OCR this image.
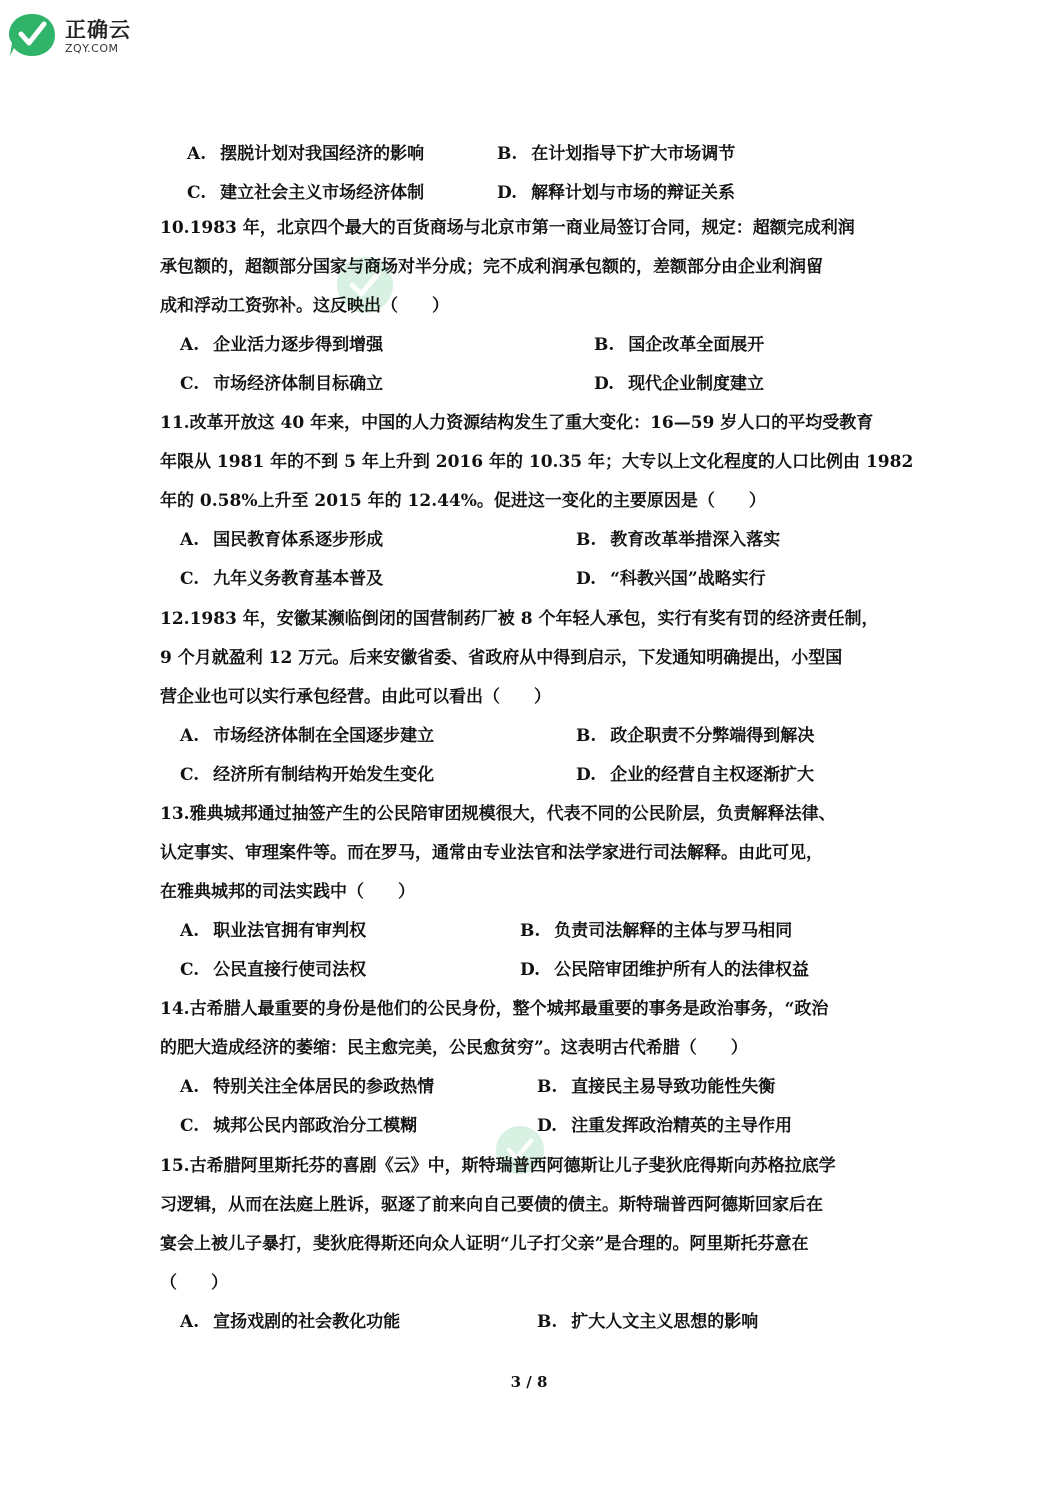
正确云
ZQY.COM
A. 摆脱计划对我国经济的影响	B. 在计划指导下扩大市场调节
C. 建立社会主义市场经济体制	D. 解释计划与市场的辩证关系
10.1983 年，北京四个最大的百货商场与北京市第一商业局签订合同，规定：超额完成利润
承包额的，超额部分国家与商场对半分成；完不成利润承包额的，差额部分由企业利润留
成和浮动工资弥补。这反映出（　　）
A. 企业活力逐步得到增强	B. 国企改革全面展开
C. 市场经济体制目标确立	D. 现代企业制度建立
11.改革开放这 40 年来，中国的人力资源结构发生了重大变化：16—59 岁人口的平均受教育
年限从 1981 年的不到 5 年上升到 2016 年的 10.35 年；大专以上文化程度的人口比例由 1982
年的 0.58%上升至 2015 年的 12.44%。促进这一变化的主要原因是（　　）
A. 国民教育体系逐步形成	B. 教育改革举措深入落实
C. 九年义务教育基本普及	D. “科教兴国”战略实行
12.1983 年，安徽某濒临倒闭的国营制药厂被 8 个年轻人承包，实行有奖有罚的经济责任制，
9 个月就盈利 12 万元。后来安徽省委、省政府从中得到启示，下发通知明确提出，小型国
营企业也可以实行承包经营。由此可以看出（　　）
A. 市场经济体制在全国逐步建立	B. 政企职责不分弊端得到解决
C. 经济所有制结构开始发生变化	D. 企业的经营自主权逐渐扩大
13.雅典城邦通过抽签产生的公民陪审团规模很大，代表不同的公民阶层，负责解释法律、
认定事实、审理案件等。而在罗马，通常由专业法官和法学家进行司法解释。由此可见，
在雅典城邦的司法实践中（　　）
A. 职业法官拥有审判权	B. 负责司法解释的主体与罗马相同
C. 公民直接行使司法权	D. 公民陪审团维护所有人的法律权益
14.古希腊人最重要的身份是他们的公民身份，整个城邦最重要的事务是政治事务，“政治
的肥大造成经济的萎缩：民主愈完美，公民愈贫穷”。这表明古代希腊（　　）
A. 特别关注全体居民的参政热情	B. 直接民主易导致功能性失衡
C. 城邦公民内部政治分工模糊	D. 注重发挥政治精英的主导作用
15.古希腊阿里斯托芬的喜剧《云》中，斯特瑞普西阿德斯让儿子斐狄庇得斯向苏格拉底学
习逻辑，从而在法庭上胜诉，驱逐了前来向自己要债的债主。斯特瑞普西阿德斯回家后在
宴会上被儿子暴打，斐狄庇得斯还向众人证明“儿子打父亲”是合理的。阿里斯托芬意在
（　　）
A. 宣扬戏剧的社会教化功能	B. 扩大人文主义思想的影响
3 / 8
